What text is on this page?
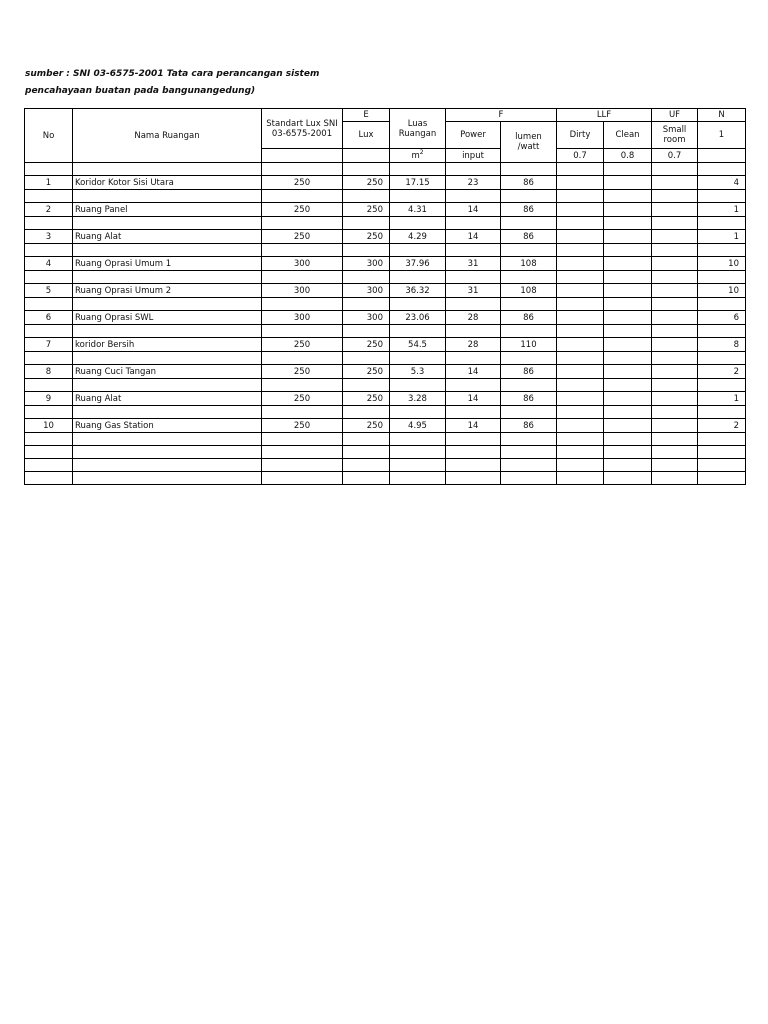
sumber : SNI 03-6575-2001 Tata cara perancangan sistem
pencahayaan buatan pada bangunangedung)
No	Nama Ruangan	Standart Lux SNI 03-6575-2001	E	Luas Ruangan	F		LLF		UF	N
			Lux		Power	lumen /watt	Dirty	Clean	Small room	1
				$m^2$	input		0.7	0.8	0.7	

1	Koridor Kotor Sisi Utara	250	250	17.15	23	86				4

2	Ruang Panel	250	250	4.31	14	86				1

3	Ruang Alat	250	250	4.29	14	86				1

4	Ruang Oprasi Umum 1	300	300	37.96	31	108				10

5	Ruang Oprasi Umum 2	300	300	36.32	31	108				10

6	Ruang Oprasi SWL	300	300	23.06	28	86				6

7	koridor Bersih	250	250	54.5	28	110				8

8	Ruang Cuci Tangan	250	250	5.3	14	86				2

9	Ruang Alat	250	250	3.28	14	86				1

10	Ruang Gas Station	250	250	4.95	14	86				2
